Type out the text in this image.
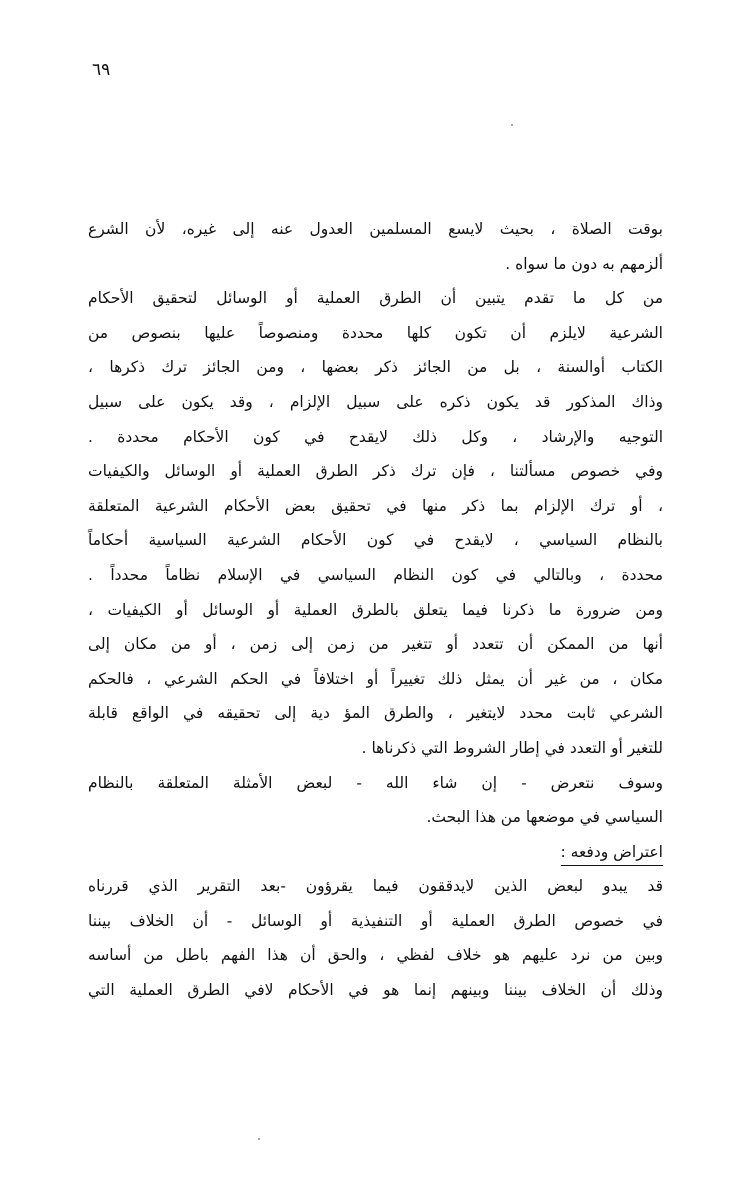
٦٩
بوقت الصلاة ، بحيث لايسع المسلمين العدول عنه إلى غيره، لأن الشرع
ألزمهم به دون ما سواه .
من كل ما تقدم يتبين أن الطرق العملية أو الوسائل لتحقيق الأحكام
الشرعية لايلزم أن تكون كلها محددة ومنصوصاً عليها بنصوص من
الكتاب أوالسنة ، بل من الجائز ذكر بعضها ، ومن الجائز ترك ذكرها ،
وذاك المذكور قد يكون ذكره على سبيل الإلزام ، وقد يكون على سبيل
التوجيه والإرشاد ، وكل ذلك لايقدح في كون الأحكام محددة .
وفي خصوص مسألتنا ، فإن ترك ذكر الطرق العملية أو الوسائل والكيفيات
، أو ترك الإلزام بما ذكر منها في تحقيق بعض الأحكام الشرعية المتعلقة
بالنظام السياسي ، لايقدح في كون الأحكام الشرعية السياسية أحكاماً
محددة ، وبالتالي في كون النظام السياسي في الإسلام نظاماً محدداً .
ومن ضرورة ما ذكرنا فيما يتعلق بالطرق العملية أو الوسائل أو الكيفيات ،
أنها من الممكن أن تتعدد أو تتغير من زمن إلى زمن ، أو من مكان إلى
مكان ، من غير أن يمثل ذلك تغييراً أو اختلافاً في الحكم الشرعي ، فالحكم
الشرعي ثابت محدد لايتغير ، والطرق المؤ دية إلى تحقيقه في الواقع قابلة
للتغير أو التعدد في إطار الشروط التي ذكرناها .
وسوف نتعرض - إن شاء الله - لبعض الأمثلة المتعلقة بالنظام
السياسي في موضعها من هذا البحث.
اعتراض ودفعه :
قد يبدو لبعض الذين لايدققون فيما يقرؤون -بعد التقرير الذي قررناه
في خصوص الطرق العملية أو التنفيذية أو الوسائل - أن الخلاف بيننا
وبين من نرد عليهم هو خلاف لفظي ، والحق أن هذا الفهم باطل من أساسه
وذلك أن الخلاف بيننا وبينهم إنما هو في الأحكام لافي الطرق العملية التي
